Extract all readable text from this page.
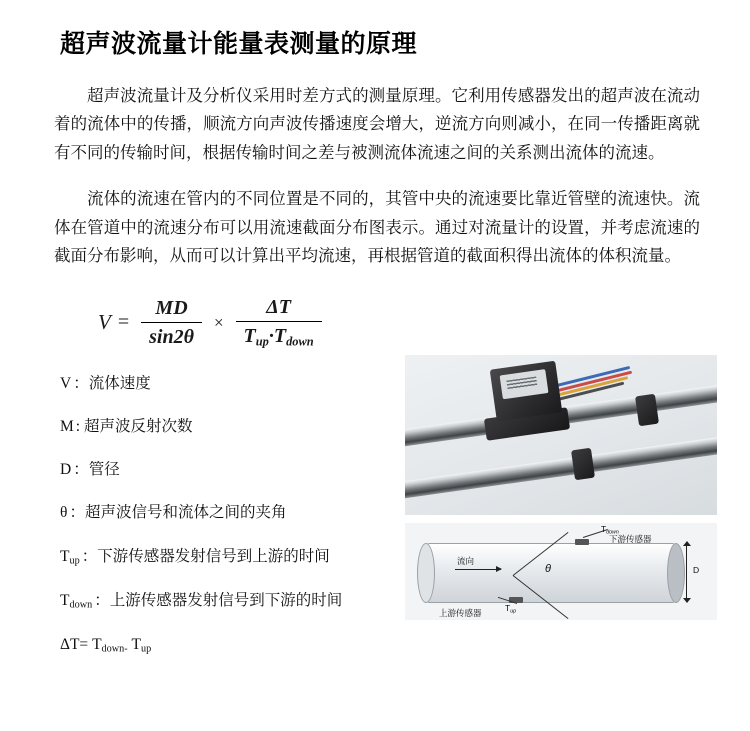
超声波流量计能量表测量的原理

超声波流量计及分析仪采用时差方式的测量原理。它利用传感器发出的超声波在流动着的流体中的传播，顺流方向声波传播速度会增大，逆流方向则减小，在同一传播距离就有不同的传输时间，根据传输时间之差与被测流体流速之间的关系测出流体的流速。

流体的流速在管内的不同位置是不同的，其管中央的流速要比靠近管壁的流速快。流体在管道中的流速分布可以用流速截面分布图表示。通过对流量计的设置，并考虑流速的截面分布影响，从而可以计算出平均流速，再根据管道的截面积得出流体的体积流量。

$V = \frac{MD}{\sin 2\theta} \times \frac{\Delta T}{T_{up}\cdot T_{down}}$
V ：流体速度
M : 超声波反射次数
D ：管径
θ ：超声波信号和流体之间的夹角
Tup ：下游传感器发射信号到上游的时间
Tdown ：上游传感器发射信号到下游的时间
ΔT= Tdown- Tup
流向
θ	D
$T_{down}$
$T_{up}$
下游传感器
上游传感器
